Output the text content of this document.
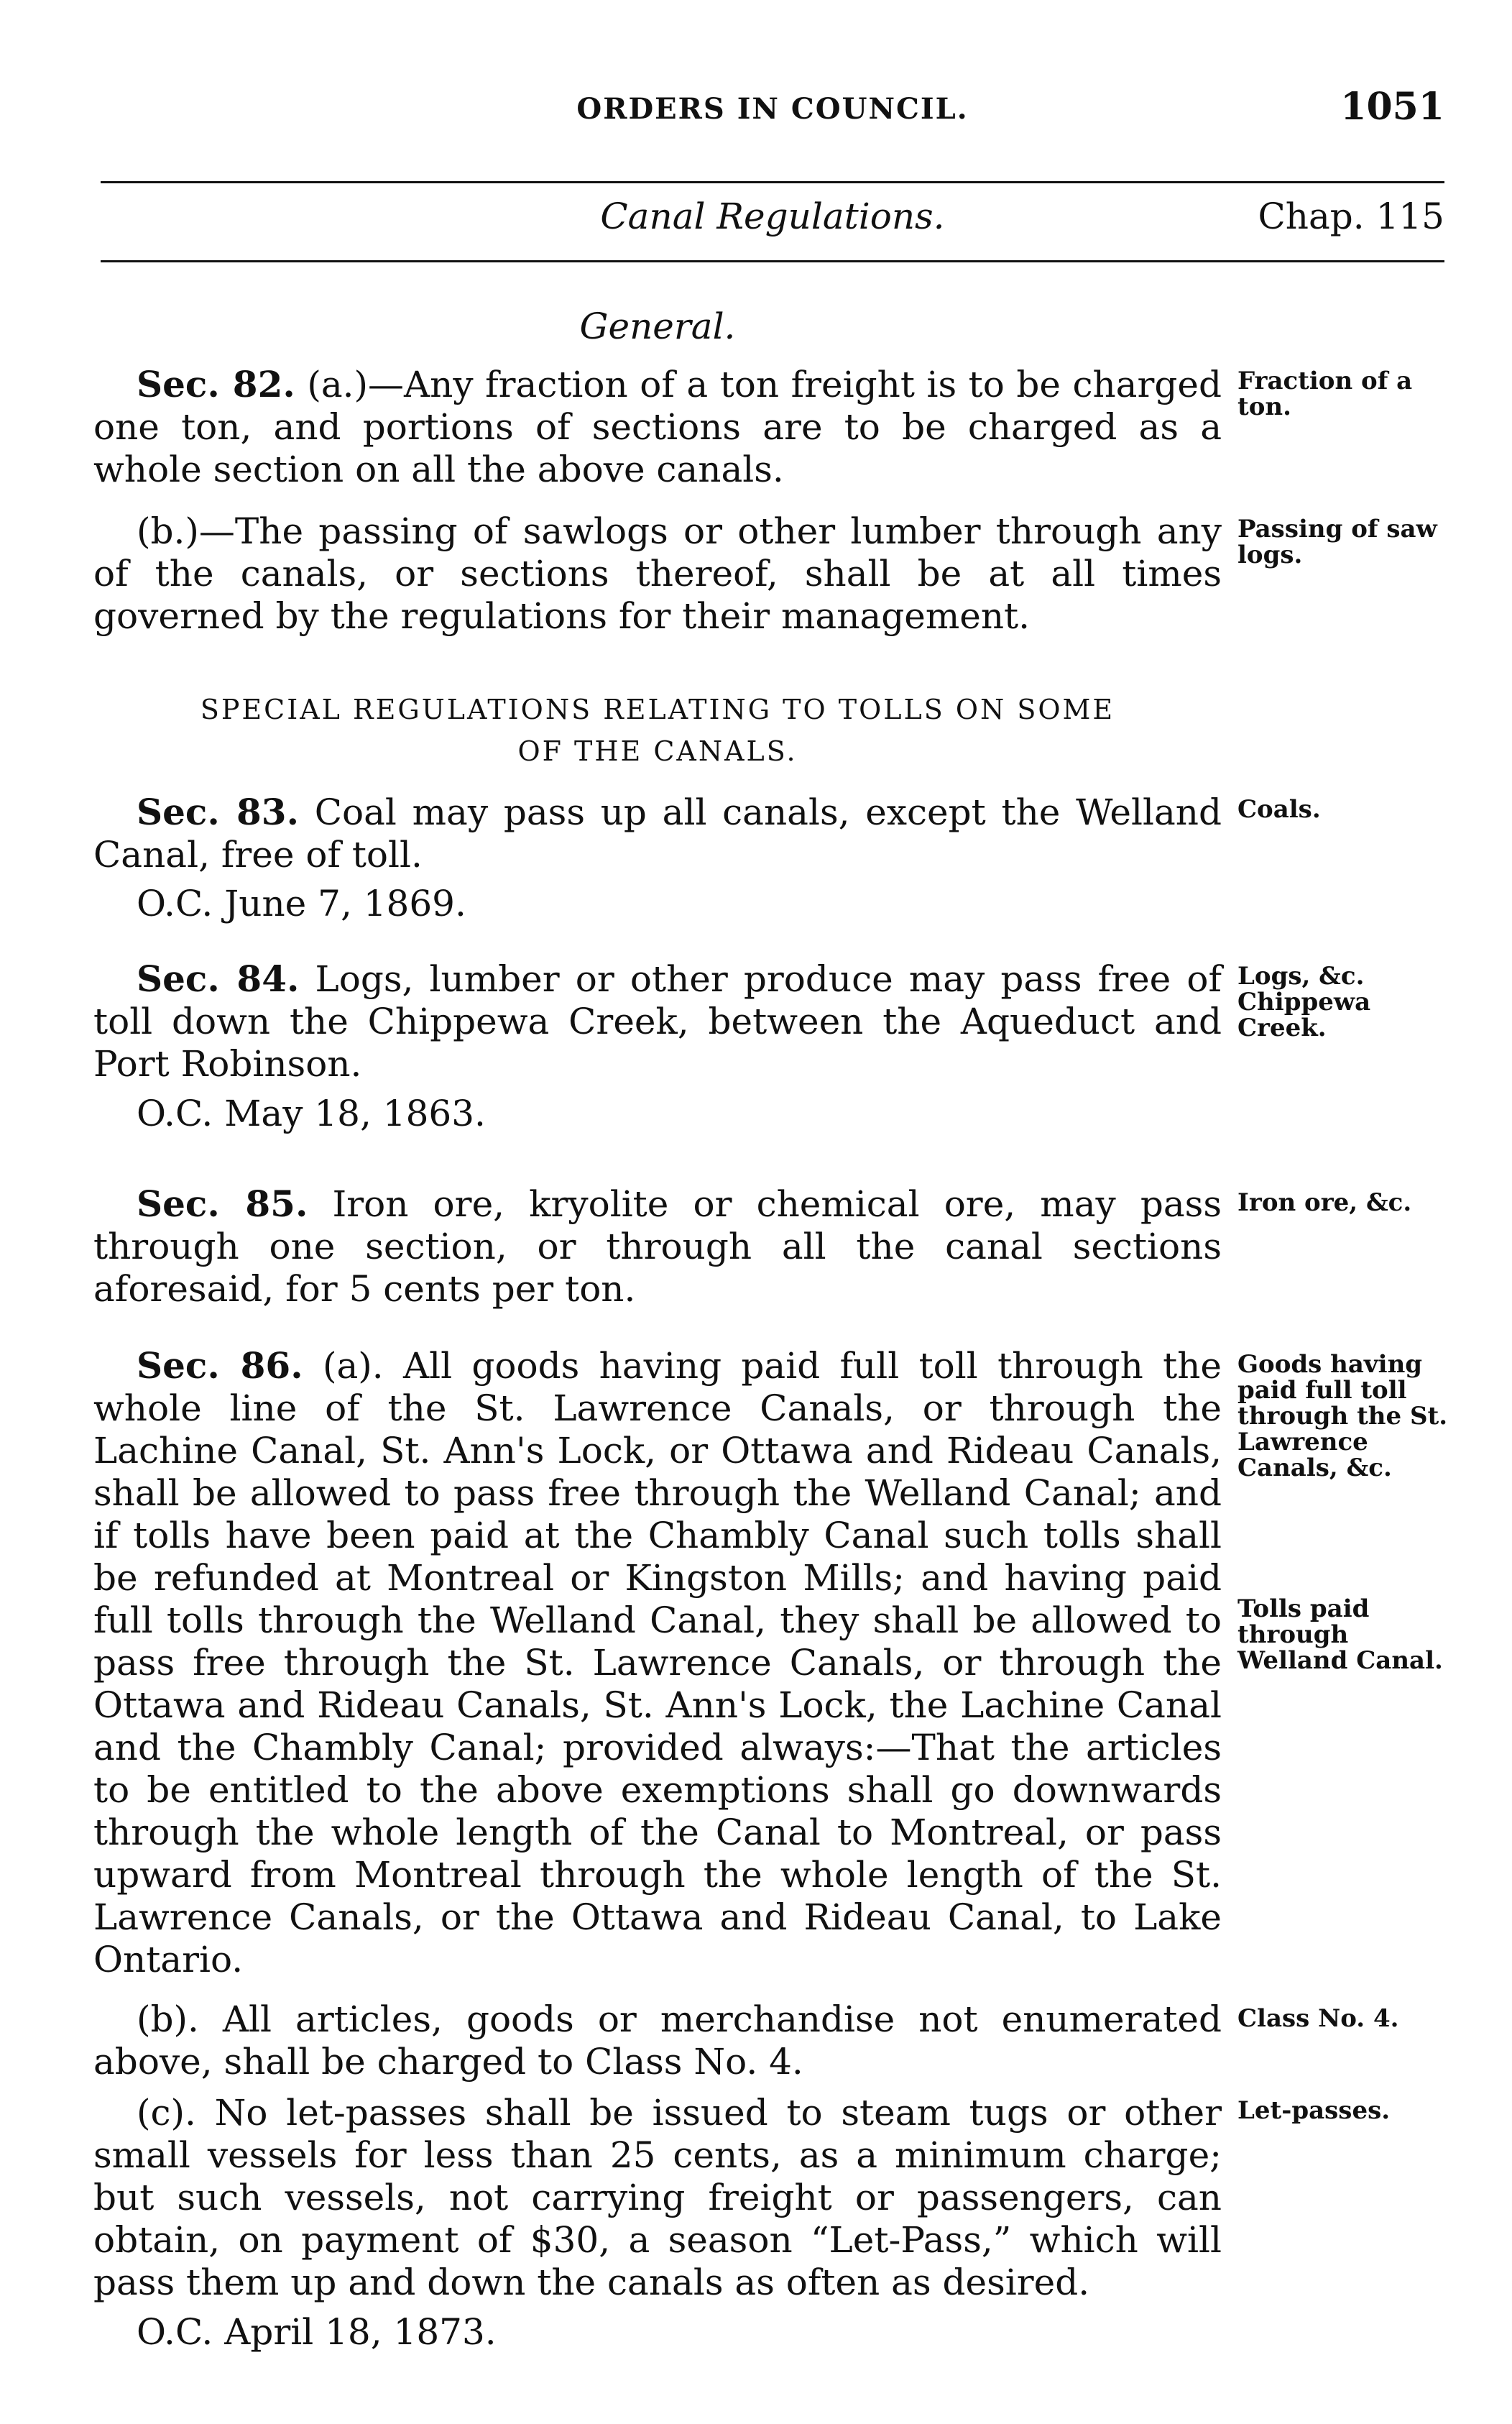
ORDERS IN COUNCIL.	1051
Canal Regulations.	Chap. 115
General.
Sec. 82. (a.)—Any fraction of a ton freight is to be charged one ton, and portions of sections are to be charged as a whole section on all the above canals.
(b.)—The passing of sawlogs or other lumber through any of the canals, or sections thereof, shall be at all times governed by the regulations for their management.
SPECIAL REGULATIONS RELATING TO TOLLS ON SOME
OF THE CANALS.
Sec. 83. Coal may pass up all canals, except the Welland Canal, free of toll.
O.C. June 7, 1869.
Sec. 84. Logs, lumber or other produce may pass free of toll down the Chippewa Creek, between the Aqueduct and Port Robinson.
O.C. May 18, 1863.
Sec. 85. Iron ore, kryolite or chemical ore, may pass through one section, or through all the canal sections aforesaid, for 5 cents per ton.
Sec. 86. (a). All goods having paid full toll through the whole line of the St. Lawrence Canals, or through the Lachine Canal, St. Ann's Lock, or Ottawa and Rideau Canals, shall be allowed to pass free through the Welland Canal; and if tolls have been paid at the Chambly Canal such tolls shall be refunded at Montreal or Kingston Mills; and having paid full tolls through the Welland Canal, they shall be allowed to pass free through the St. Lawrence Canals, or through the Ottawa and Rideau Canals, St. Ann's Lock, the Lachine Canal and the Chambly Canal; provided always:—That the articles to be entitled to the above exemptions shall go downwards through the whole length of the Canal to Montreal, or pass upward from Montreal through the whole length of the St. Lawrence Canals, or the Ottawa and Rideau Canal, to Lake Ontario.
(b). All articles, goods or merchandise not enumerated above, shall be charged to Class No. 4.
(c). No let-passes shall be issued to steam tugs or other small vessels for less than 25 cents, as a minimum charge; but such vessels, not carrying freight or passengers, can obtain, on payment of $30, a season “Let-Pass,” which will pass them up and down the canals as often as desired.
O.C. April 18, 1873.
Fraction of a ton.
Passing of saw logs.
Coals.
Logs, &c. Chippewa Creek.
Iron ore, &c.
Goods having paid full toll through the St. Lawrence Canals, &c.
Tolls paid through Welland Canal.
Class No. 4.
Let-passes.
